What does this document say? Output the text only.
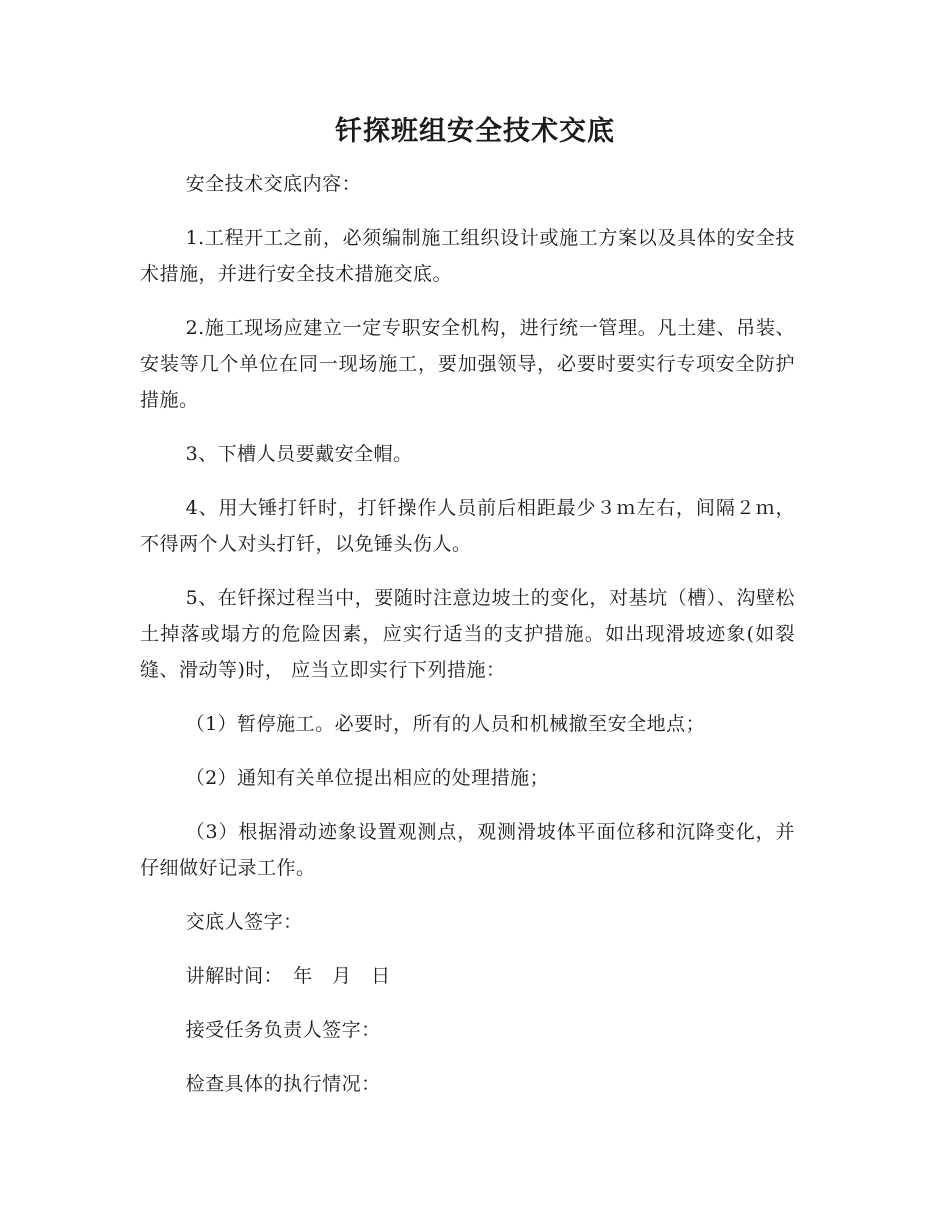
钎探班组安全技术交底

安全技术交底内容：

1.工程开工之前，必须编制施工组织设计或施工方案以及具体的安全技术措施，并进行安全技术措施交底。

2.施工现场应建立一定专职安全机构，进行统一管理。凡土建、吊装、安装等几个单位在同一现场施工，要加强领导，必要时要实行专项安全防护措施。

3、下槽人员要戴安全帽。

4、用大锤打钎时，打钎操作人员前后相距最少３ｍ左右，间隔２ｍ，不得两个人对头打钎，以免锤头伤人。

5、在钎探过程当中，要随时注意边坡土的变化，对基坑（槽）、沟壁松土掉落或塌方的危险因素，应实行适当的支护措施。如出现滑坡迹象(如裂缝、滑动等)时， 应当立即实行下列措施：

（1）暂停施工。必要时，所有的人员和机械撤至安全地点；

（2）通知有关单位提出相应的处理措施；

（3）根据滑动迹象设置观测点，观测滑坡体平面位移和沉降变化，并仔细做好记录工作。

交底人签字：

讲解时间：　年　月　日

接受任务负责人签字：

检查具体的执行情况：
